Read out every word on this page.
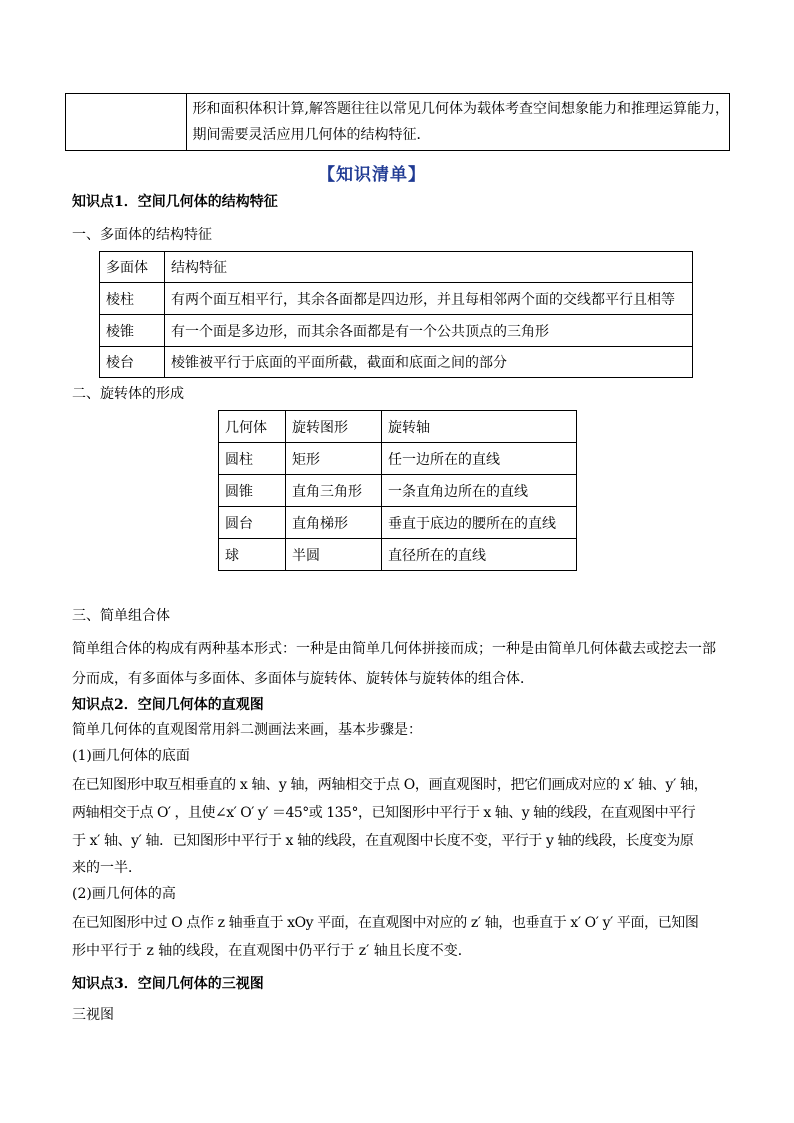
形和面积体积计算,解答题往往以常见几何体为载体考查空间想象能力和推理运算能力，
期间需要灵活应用几何体的结构特征．
【知识清单】
知识点1．空间几何体的结构特征
一、多面体的结构特征
多面体	结构特征
棱柱	有两个面互相平行，其余各面都是四边形，并且每相邻两个面的交线都平行且相等
棱锥	有一个面是多边形，而其余各面都是有一个公共顶点的三角形
棱台	棱锥被平行于底面的平面所截，截面和底面之间的部分
二、旋转体的形成
几何体	旋转图形	旋转轴
圆柱	矩形	任一边所在的直线
圆锥	直角三角形	一条直角边所在的直线
圆台	直角梯形	垂直于底边的腰所在的直线
球	半圆	直径所在的直线
三、简单组合体
简单组合体的构成有两种基本形式：一种是由简单几何体拼接而成；一种是由简单几何体截去或挖去一部
分而成，有多面体与多面体、多面体与旋转体、旋转体与旋转体的组合体．
知识点2．空间几何体的直观图
简单几何体的直观图常用斜二测画法来画，基本步骤是：
(1)画几何体的底面
在已知图形中取互相垂直的 x 轴、y 轴，两轴相交于点 O，画直观图时，把它们画成对应的 x′ 轴、y′ 轴，
两轴相交于点 O′ ，且使∠x′ O′ y′ ＝45°或 135°，已知图形中平行于 x 轴、y 轴的线段，在直观图中平行
于 x′ 轴、y′ 轴．已知图形中平行于 x 轴的线段，在直观图中长度不变，平行于 y 轴的线段，长度变为原
来的一半．
(2)画几何体的高
在已知图形中过 O 点作 z 轴垂直于 xOy 平面，在直观图中对应的 z′ 轴，也垂直于 x′ O′ y′ 平面，已知图
形中平行于 z 轴的线段，在直观图中仍平行于 z′ 轴且长度不变．
知识点3．空间几何体的三视图
三视图
